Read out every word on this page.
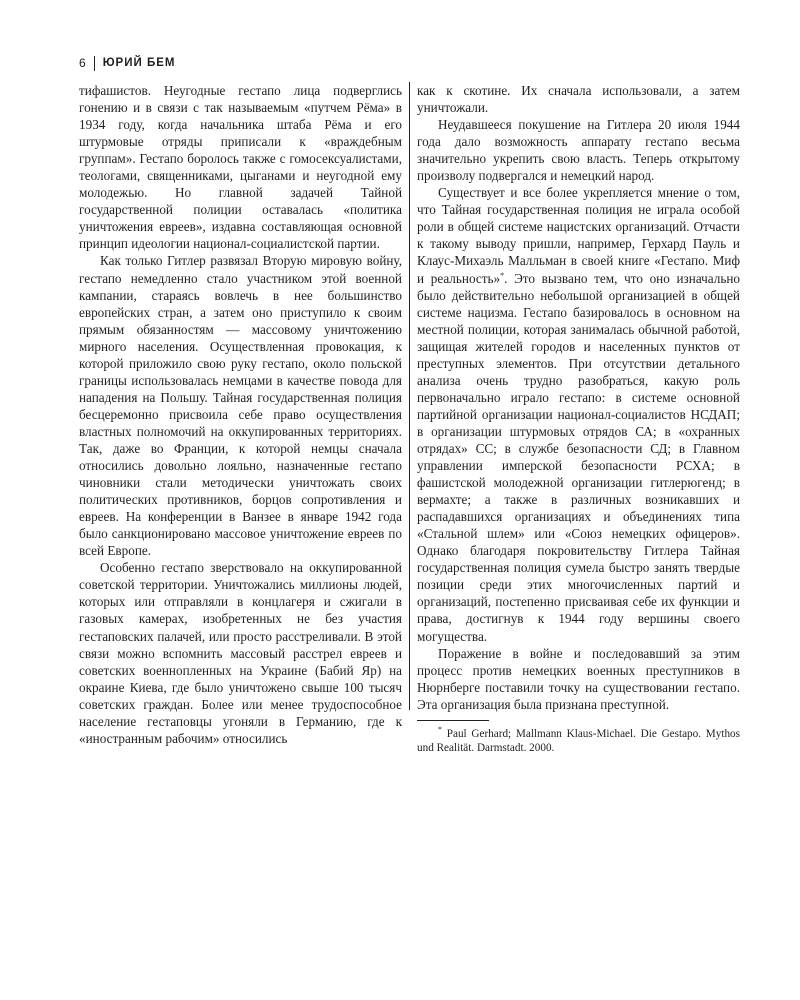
6 ЮРИЙ БЕМ

тифашистов. Неугодные гестапо лица подверглись гонению и в связи с так называемым «путчем Рёма» в 1934 году, когда начальника штаба Рёма и его штурмовые отряды приписали к «враждебным группам». Гестапо боролось также с гомосексуалистами, теологами, священниками, цыганами и неугодной ему молодежью. Но главной задачей Тайной государственной полиции оставалась «политика уничтожения евреев», издавна составляющая основной принцип идеологии национал-социалистской партии.

Как только Гитлер развязал Вторую мировую войну, гестапо немедленно стало участником этой военной кампании, стараясь вовлечь в нее большинство европейских стран, а затем оно приступило к своим прямым обязанностям — массовому уничтожению мирного населения. Осуществленная провокация, к которой приложило свою руку гестапо, около польской границы использовалась немцами в качестве повода для нападения на Польшу. Тайная государственная полиция бесцеремонно присвоила себе право осуществления властных полномочий на оккупированных территориях. Так, даже во Франции, к которой немцы сначала относились довольно лояльно, назначенные гестапо чиновники стали методически уничтожать своих политических противников, борцов сопротивления и евреев. На конференции в Ванзее в январе 1942 года было санкционировано массовое уничтожение евреев по всей Европе.

Особенно гестапо зверствовало на оккупированной советской территории. Уничтожались миллионы людей, которых или отправляли в концлагеря и сжигали в газовых камерах, изобретенных не без участия гестаповских палачей, или просто расстреливали. В этой связи можно вспомнить массовый расстрел евреев и советских военнопленных на Украине (Бабий Яр) на окраине Киева, где было уничтожено свыше 100 тысяч советских граждан. Более или менее трудоспособное население гестаповцы угоняли в Германию, где к «иностранным рабочим» относились

как к скотине. Их сначала использовали, а затем уничтожали.

Неудавшееся покушение на Гитлера 20 июля 1944 года дало возможность аппарату гестапо весьма значительно укрепить свою власть. Теперь открытому произволу подвергался и немецкий народ.

Существует и все более укрепляется мнение о том, что Тайная государственная полиция не играла особой роли в общей системе нацистских организаций. Отчасти к такому выводу пришли, например, Герхард Пауль и Клаус-Михаэль Малльман в своей книге «Гестапо. Миф и реальность»*. Это вызвано тем, что оно изначально было действительно небольшой организацией в общей системе нацизма. Гестапо базировалось в основном на местной полиции, которая занималась обычной работой, защищая жителей городов и населенных пунктов от преступных элементов. При отсутствии детального анализа очень трудно разобраться, какую роль первоначально играло гестапо: в системе основной партийной организации национал-социалистов НСДАП; в организации штурмовых отрядов СА; в «охранных отрядах» СС; в службе безопасности СД; в Главном управлении имперской безопасности РСХА; в фашистской молодежной организации гитлерюгенд; в вермахте; а также в различных возникавших и распадавшихся организациях и объединениях типа «Стальной шлем» или «Союз немецких офицеров». Однако благодаря покровительству Гитлера Тайная государственная полиция сумела быстро занять твердые позиции среди этих многочисленных партий и организаций, постепенно присваивая себе их функции и права, достигнув к 1944 году вершины своего могущества.

Поражение в войне и последовавший за этим процесс против немецких военных преступников в Нюрнберге поставили точку на существовании гестапо. Эта организация была признана преступной.

* Paul Gerhard; Mallmann Klaus-Michael. Die Gestapo. Mythos und Realität. Darmstadt. 2000.
